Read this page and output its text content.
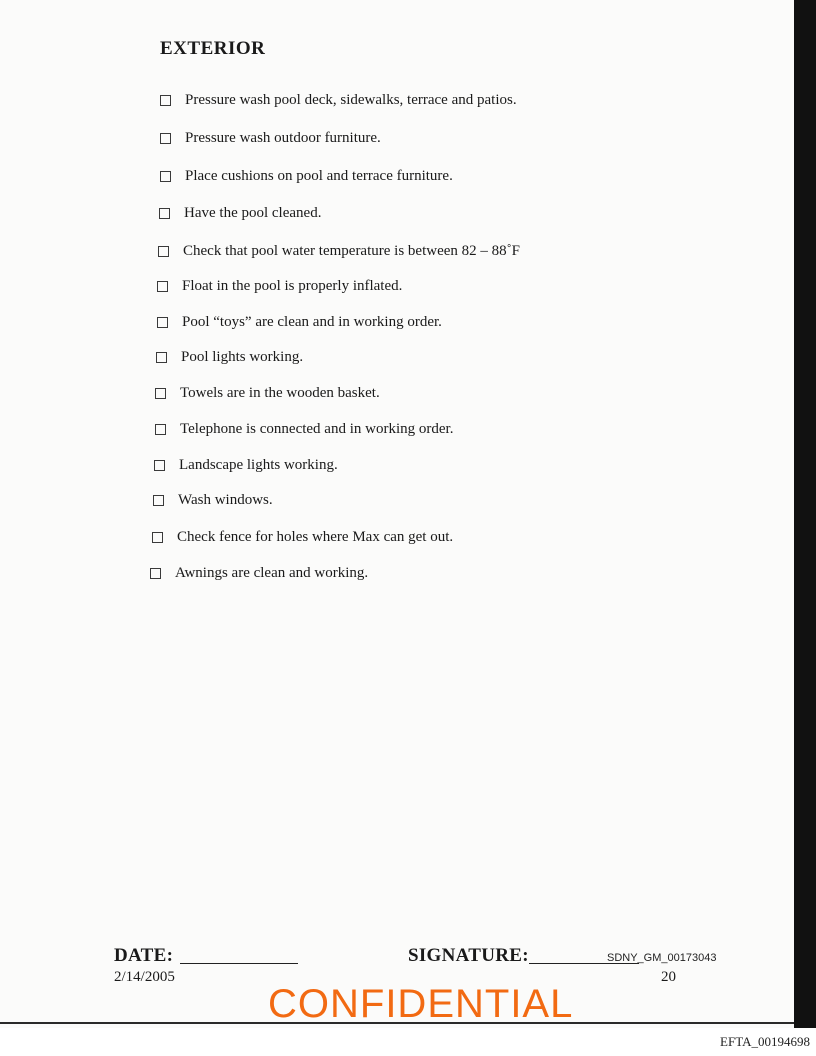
EXTERIOR
Pressure wash pool deck, sidewalks, terrace and patios.
Pressure wash outdoor furniture.
Place cushions on pool and terrace furniture.
Have the pool cleaned.
Check that pool water temperature is between 82 – 88˚F
Float in the pool is properly inflated.
Pool “toys” are clean and in working order.
Pool lights working.
Towels are in the wooden basket.
Telephone is connected and in working order.
Landscape lights working.
Wash windows.
Check fence for holes where Max can get out.
Awnings are clean and working.
DATE:
2/14/2005
SIGNATURE:	SDNY_GM_00173043
20
CONFIDENTIAL
EFTA_00194698
